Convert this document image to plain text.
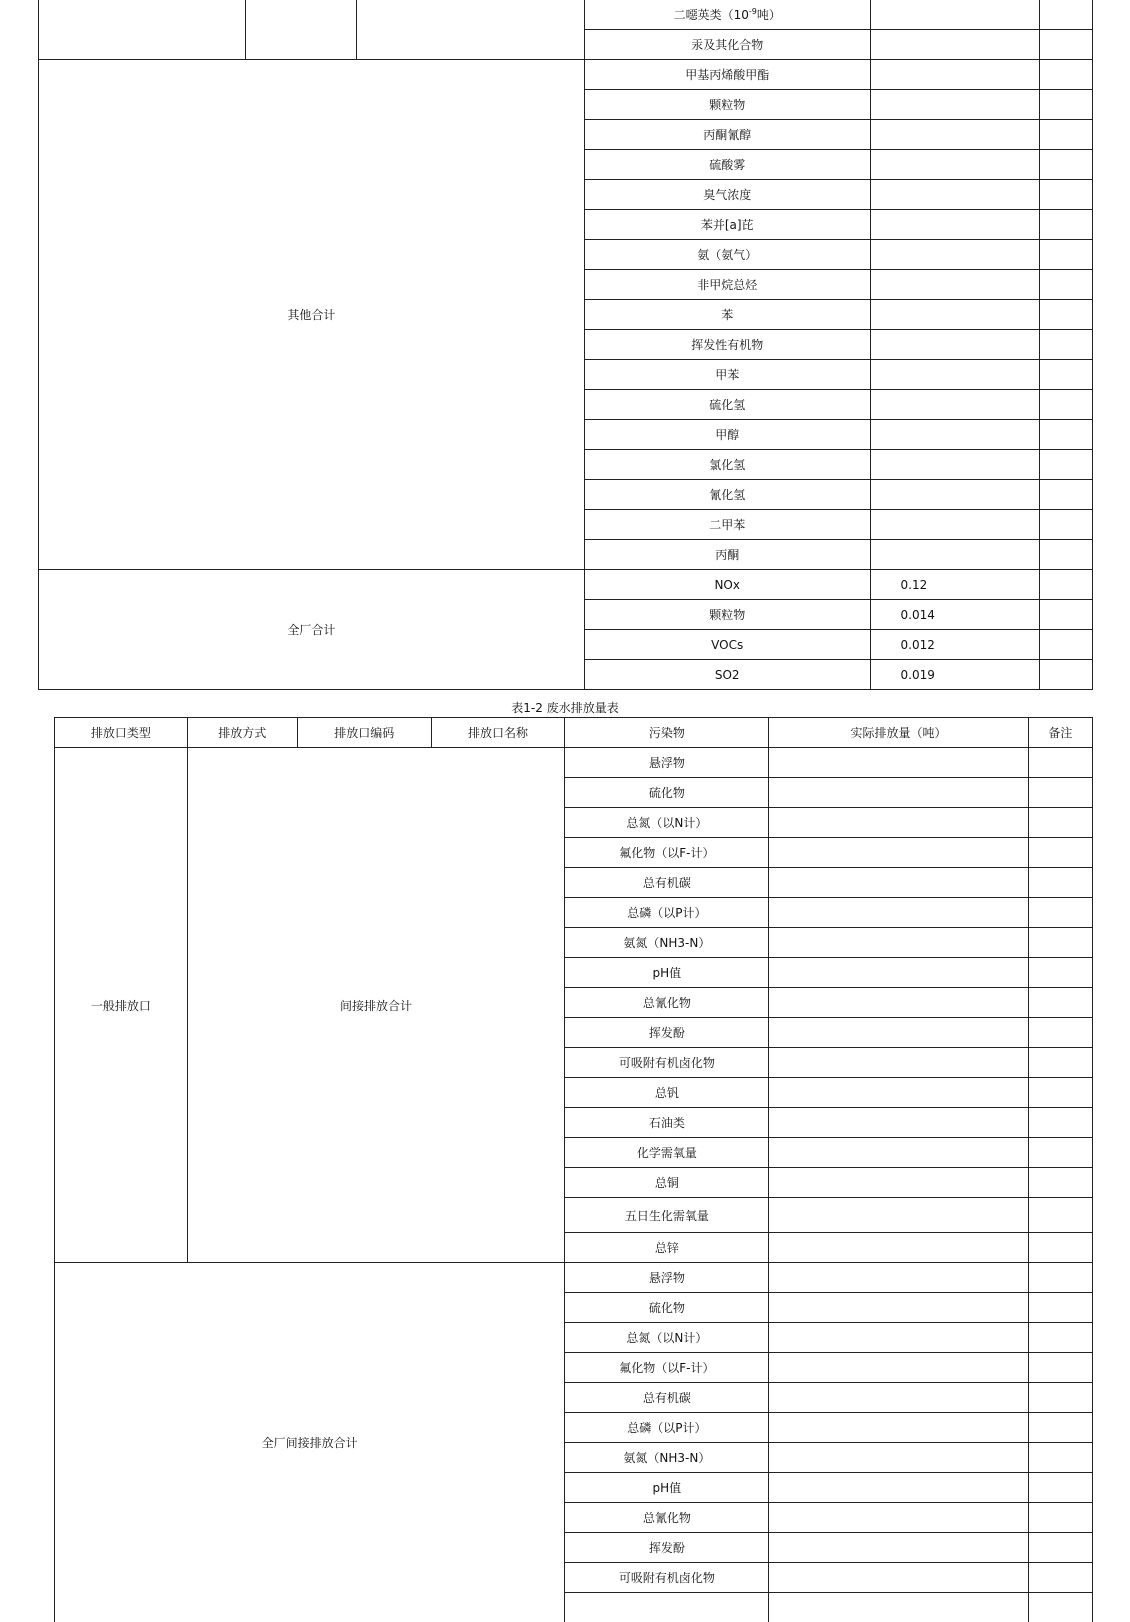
			二噁英类（$10^{-9}$吨）		
			汞及其化合物		
其他合计			甲基丙烯酸甲酯		
			颗粒物		
			丙酮氰醇		
			硫酸雾		
			臭气浓度		
			苯并[a]芘		
			氨（氨气）		
			非甲烷总烃		
			苯		
			挥发性有机物		
			甲苯		
			硫化氢		
			甲醇		
			氯化氢		
			氰化氢		
			二甲苯		
			丙酮		
全厂合计			NOx	0.12	
			颗粒物	0.014	
			VOCs	0.012	
			SO2	0.019	
表1-2 废水排放量表
排放口类型	排放方式	排放口编码	排放口名称	污染物	实际排放量（吨）	备注
一般排放口	间接排放合计			悬浮物		
				硫化物		
				总氮（以N计）		
				氟化物（以F-计）		
				总有机碳		
				总磷（以P计）		
				氨氮（NH3-N）		
				pH值		
				总氰化物		
				挥发酚		
				可吸附有机卤化物		
				总钒		
				石油类		
				化学需氧量		
				总铜		
				五日生化需氧量		
				总锌		
全厂间接排放合计				悬浮物		
				硫化物		
				总氮（以N计）		
				氟化物（以F-计）		
				总有机碳		
				总磷（以P计）		
				氨氮（NH3-N）		
				pH值		
				总氰化物		
				挥发酚		
				可吸附有机卤化物		
